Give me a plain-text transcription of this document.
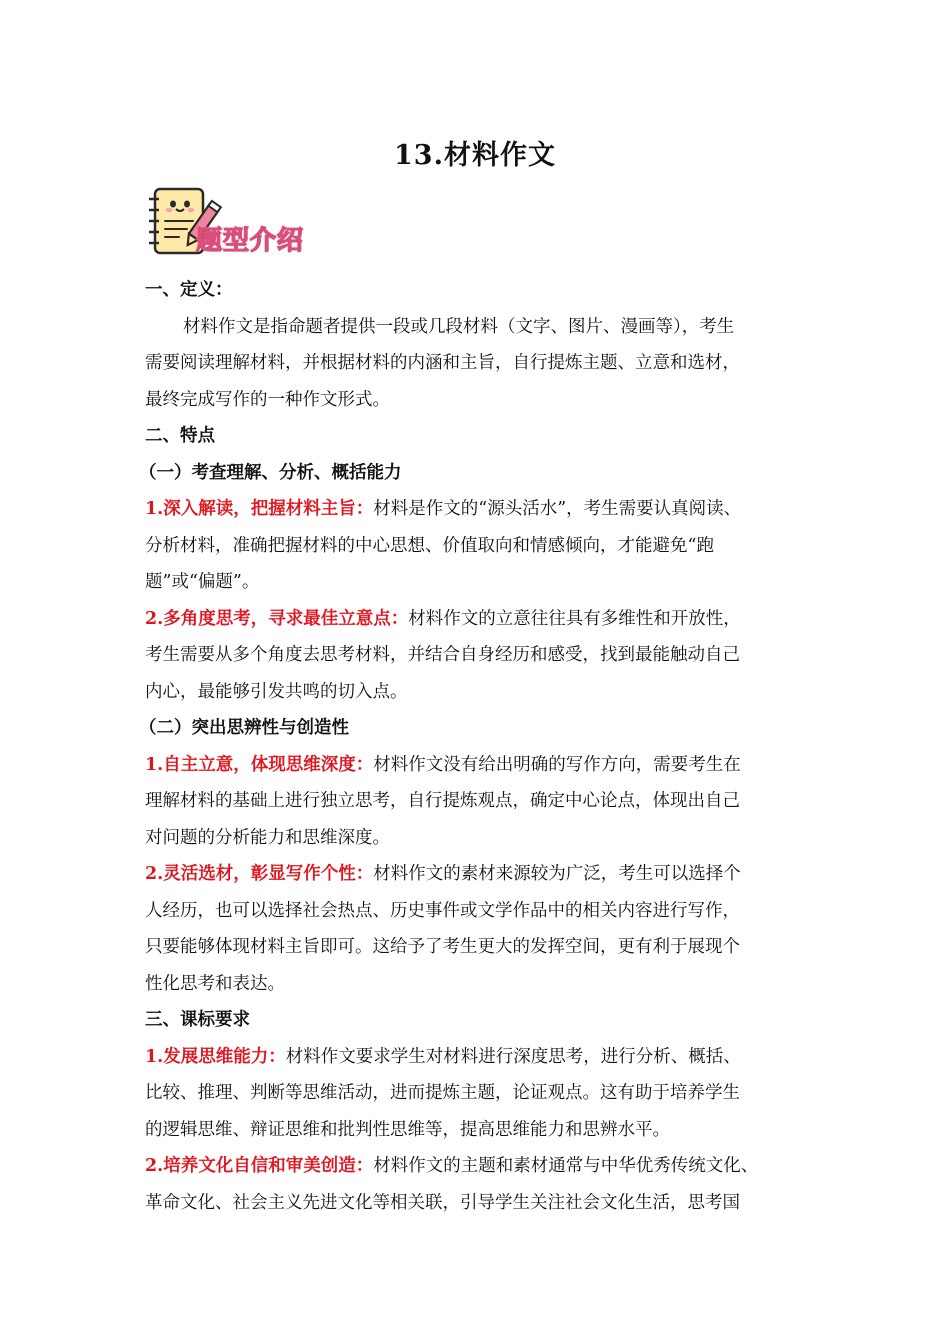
13.材料作文
题型介绍
一、定义：
材料作文是指命题者提供一段或几段材料（文字、图片、漫画等），考生
需要阅读理解材料，并根据材料的内涵和主旨，自行提炼主题、立意和选材，
最终完成写作的一种作文形式。
二、特点
（一）考查理解、分析、概括能力
1.深入解读，把握材料主旨：材料是作文的“源头活水”，考生需要认真阅读、
分析材料，准确把握材料的中心思想、价值取向和情感倾向，才能避免“跑
题”或“偏题”。
2.多角度思考，寻求最佳立意点：材料作文的立意往往具有多维性和开放性，
考生需要从多个角度去思考材料，并结合自身经历和感受，找到最能触动自己
内心，最能够引发共鸣的切入点。
（二）突出思辨性与创造性
1.自主立意，体现思维深度：材料作文没有给出明确的写作方向，需要考生在
理解材料的基础上进行独立思考，自行提炼观点，确定中心论点，体现出自己
对问题的分析能力和思维深度。
2.灵活选材，彰显写作个性：材料作文的素材来源较为广泛，考生可以选择个
人经历，也可以选择社会热点、历史事件或文学作品中的相关内容进行写作，
只要能够体现材料主旨即可。这给予了考生更大的发挥空间，更有利于展现个
性化思考和表达。
三、课标要求
1.发展思维能力：材料作文要求学生对材料进行深度思考，进行分析、概括、
比较、推理、判断等思维活动，进而提炼主题，论证观点。这有助于培养学生
的逻辑思维、辩证思维和批判性思维等，提高思维能力和思辨水平。
2.培养文化自信和审美创造：材料作文的主题和素材通常与中华优秀传统文化、
革命文化、社会主义先进文化等相关联，引导学生关注社会文化生活，思考国
